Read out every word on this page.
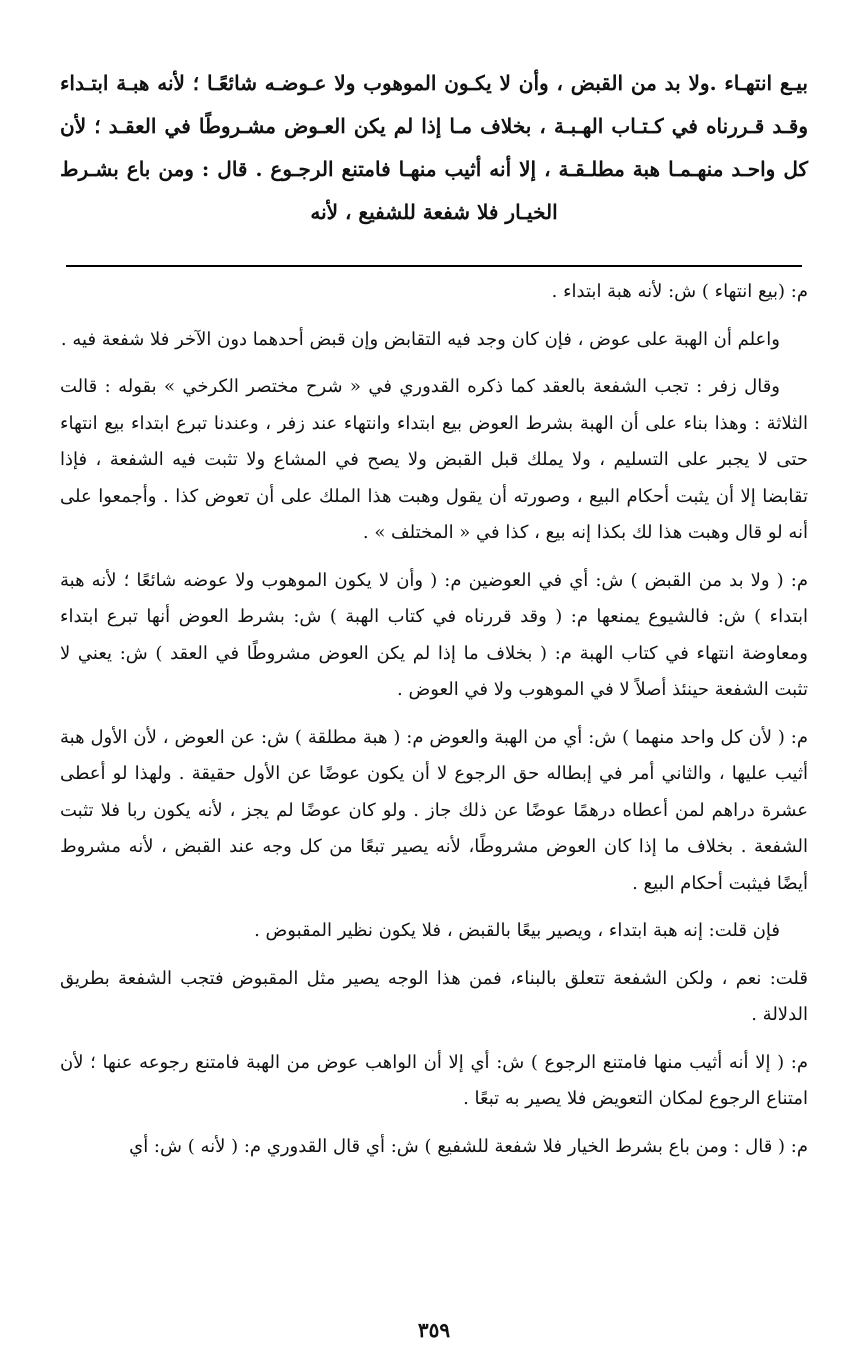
بيـع انتهـاء .ولا بد من القبض ، وأن لا يكـون الموهوب ولا عـوضـه شائعًـا ؛ لأنه هبـة ابتـداء وقـد قـررناه في كـتـاب الهـبـة ، بخلاف مـا إذا لم يكن العـوض مشـروطًا في العقـد ؛ لأن كل واحـد منهـمـا هبة مطلـقـة ، إلا أنه أثيب منهـا فامتنع الرجـوع . قال : ومن باع بشـرط الخيـار فلا شفعة للشفيع ، لأنه

م: (بيع انتهاء ) ش: لأنه هبة ابتداء .

واعلم أن الهبة على عوض ، فإن كان وجد فيه التقابض وإن قبض أحدهما دون الآخر فلا شفعة فيه .

وقال زفر : تجب الشفعة بالعقد كما ذكره القدوري في « شرح مختصر الكرخي » بقوله : قالت الثلاثة : وهذا بناء على أن الهبة بشرط العوض بيع ابتداء وانتهاء عند زفر ، وعندنا تبرع ابتداء بيع انتهاء حتى لا يجبر على التسليم ، ولا يملك قبل القبض ولا يصح في المشاع ولا تثبت فيه الشفعة ، فإذا تقابضا إلا أن يثبت أحكام البيع ، وصورته أن يقول وهبت هذا الملك على أن تعوض كذا . وأجمعوا على أنه لو قال وهبت هذا لك بكذا إنه بيع ، كذا في « المختلف » .

م: ( ولا بد من القبض ) ش: أي في العوضين م: ( وأن لا يكون الموهوب ولا عوضه شائعًا ؛ لأنه هبة ابتداء ) ش: فالشيوع يمنعها م: ( وقد قررناه في كتاب الهبة ) ش: بشرط العوض أنها تبرع ابتداء ومعاوضة انتهاء في كتاب الهبة م: ( بخلاف ما إذا لم يكن العوض مشروطًا في العقد ) ش: يعني لا تثبت الشفعة حينئذ أصلاً لا في الموهوب ولا في العوض .

م: ( لأن كل واحد منهما ) ش: أي من الهبة والعوض م: ( هبة مطلقة ) ش: عن العوض ، لأن الأول هبة أثيب عليها ، والثاني أمر في إبطاله حق الرجوع لا أن يكون عوضًا عن الأول حقيقة . ولهذا لو أعطى عشرة دراهم لمن أعطاه درهمًا عوضًا عن ذلك جاز . ولو كان عوضًا لم يجز ، لأنه يكون ربا فلا تثبت الشفعة . بخلاف ما إذا كان العوض مشروطًا، لأنه يصير تبعًا من كل وجه عند القبض ، لأنه مشروط أيضًا فيثبت أحكام البيع .

فإن قلت: إنه هبة ابتداء ، ويصير بيعًا بالقبض ، فلا يكون نظير المقبوض .

قلت: نعم ، ولكن الشفعة تتعلق بالبناء، فمن هذا الوجه يصير مثل المقبوض فتجب الشفعة بطريق الدلالة .

م: ( إلا أنه أثيب منها فامتنع الرجوع ) ش: أي إلا أن الواهب عوض من الهبة فامتنع رجوعه عنها ؛ لأن امتناع الرجوع لمكان التعويض فلا يصير به تبعًا .

م: ( قال : ومن باع بشرط الخيار فلا شفعة للشفيع ) ش: أي قال القدوري م: ( لأنه ) ش: أي

٣٥٩
